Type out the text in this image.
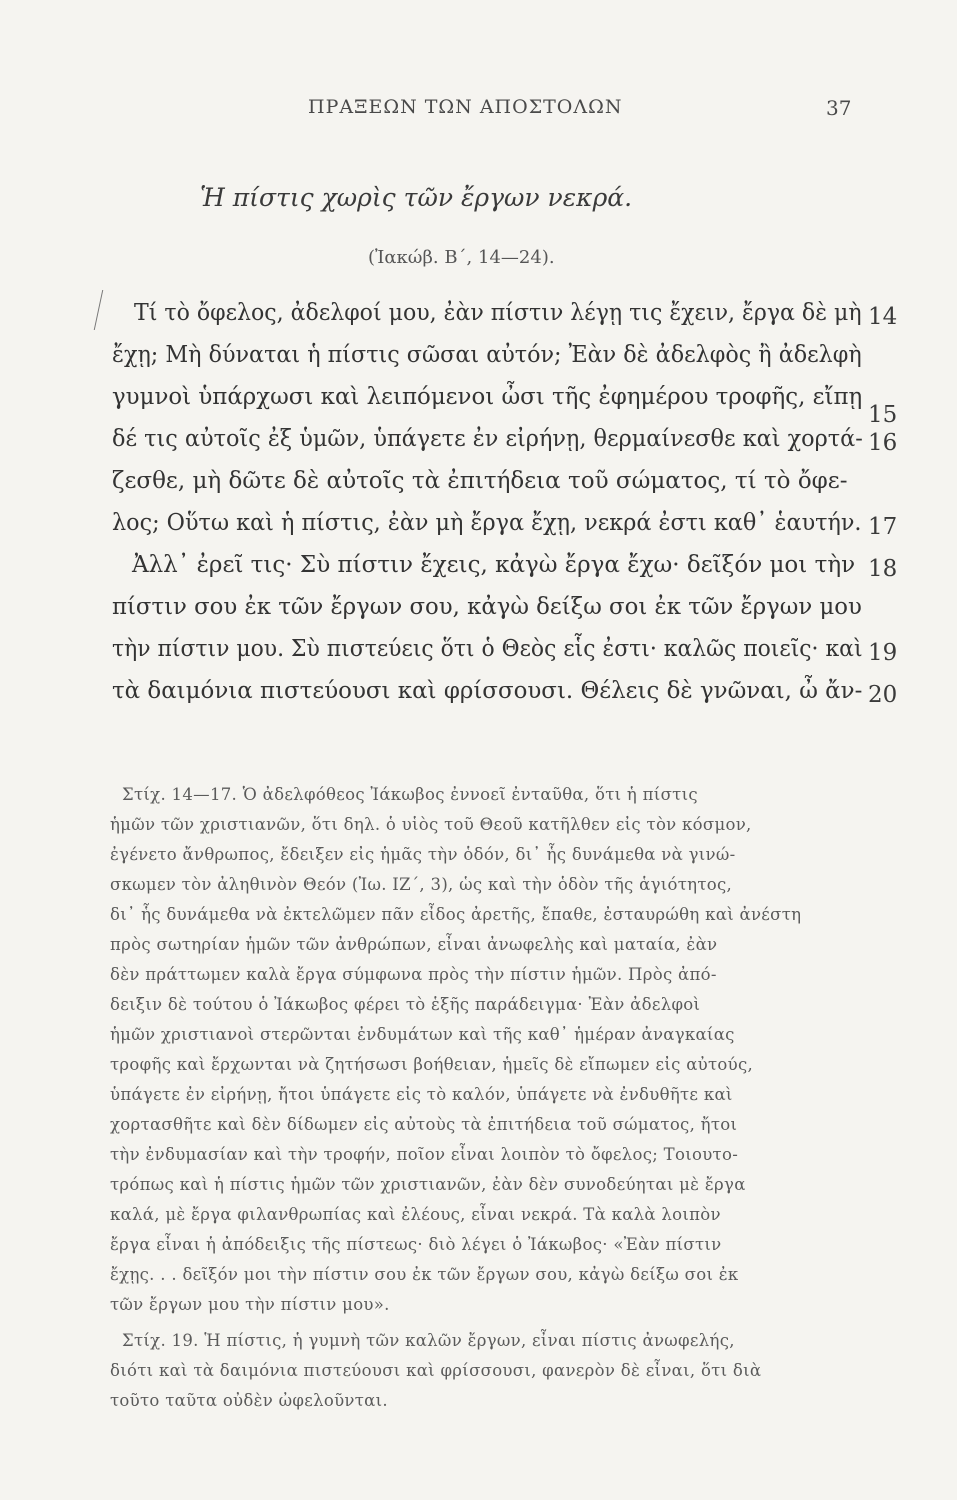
ΠΡΑΞΕΩΝ ΤΩΝ ΑΠΟΣΤΟΛΩΝ	37
Ἡ πίστις χωρὶς τῶν ἔργων νεκρά.
(Ἰακώβ. Β΄, 14—24).
Τί τὸ ὄφελος, ἀδελφοί μου, ἐὰν πίστιν λέγῃ τις ἔχειν, ἔργα δὲ μὴ
ἔχῃ; Μὴ δύναται ἡ πίστις σῶσαι αὐτόν; Ἐὰν δὲ ἀδελφὸς ἢ ἀδελφὴ
γυμνοὶ ὑπάρχωσι καὶ λειπόμενοι ὦσι τῆς ἐφημέρου τροφῆς, εἴπῃ
δέ τις αὐτοῖς ἐξ ὑμῶν, ὑπάγετε ἐν εἰρήνῃ, θερμαίνεσθε καὶ χορτά-
ζεσθε, μὴ δῶτε δὲ αὐτοῖς τὰ ἐπιτήδεια τοῦ σώματος, τί τὸ ὄφε-
λος; Οὕτω καὶ ἡ πίστις, ἐὰν μὴ ἔργα ἔχῃ, νεκρά ἐστι καθ᾿ ἑαυτήν.
Ἀλλ᾿ ἐρεῖ τις· Σὺ πίστιν ἔχεις, κἀγὼ ἔργα ἔχω· δεῖξόν μοι τὴν
πίστιν σου ἐκ τῶν ἔργων σου, κἀγὼ δείξω σοι ἐκ τῶν ἔργων μου
τὴν πίστιν μου. Σὺ πιστεύεις ὅτι ὁ Θεὸς εἷς ἐστι· καλῶς ποιεῖς· καὶ
τὰ δαιμόνια πιστεύουσι καὶ φρίσσουσι. Θέλεις δὲ γνῶναι, ὦ ἄν-
14
15
16
17
18
19
20
Στίχ. 14—17. Ὁ ἀδελφόθεος Ἰάκωβος ἐννοεῖ ἐνταῦθα, ὅτι ἡ πίστις
ἡμῶν τῶν χριστιανῶν, ὅτι δηλ. ὁ υἱὸς τοῦ Θεοῦ κατῆλθεν εἰς τὸν κόσμον,
ἐγένετο ἄνθρωπος, ἔδειξεν εἰς ἡμᾶς τὴν ὁδόν, δι᾿ ἧς δυνάμεθα νὰ γινώ-
σκωμεν τὸν ἀληθινὸν Θεόν (Ἰω. ΙΖ΄, 3), ὡς καὶ τὴν ὁδὸν τῆς ἁγιότητος,
δι᾿ ἧς δυνάμεθα νὰ ἐκτελῶμεν πᾶν εἶδος ἀρετῆς, ἔπαθε, ἐσταυρώθη καὶ ἀνέστη
πρὸς σωτηρίαν ἡμῶν τῶν ἀνθρώπων, εἶναι ἀνωφελὴς καὶ ματαία, ἐὰν
δὲν πράττωμεν καλὰ ἔργα σύμφωνα πρὸς τὴν πίστιν ἡμῶν. Πρὸς ἀπό-
δειξιν δὲ τούτου ὁ Ἰάκωβος φέρει τὸ ἑξῆς παράδειγμα· Ἐὰν ἀδελφοὶ
ἡμῶν χριστιανοὶ στερῶνται ἐνδυμάτων καὶ τῆς καθ᾿ ἡμέραν ἀναγκαίας
τροφῆς καὶ ἔρχωνται νὰ ζητήσωσι βοήθειαν, ἡμεῖς δὲ εἴπωμεν εἰς αὐτούς,
ὑπάγετε ἐν εἰρήνῃ, ἤτοι ὑπάγετε εἰς τὸ καλόν, ὑπάγετε νὰ ἐνδυθῆτε καὶ
χορτασθῆτε καὶ δὲν δίδωμεν εἰς αὐτοὺς τὰ ἐπιτήδεια τοῦ σώματος, ἤτοι
τὴν ἐνδυμασίαν καὶ τὴν τροφήν, ποῖον εἶναι λοιπὸν τὸ ὄφελος; Τοιουτο-
τρόπως καὶ ἡ πίστις ἡμῶν τῶν χριστιανῶν, ἐὰν δὲν συνοδεύηται μὲ ἔργα
καλά, μὲ ἔργα φιλανθρωπίας καὶ ἐλέους, εἶναι νεκρά. Τὰ καλὰ λοιπὸν
ἔργα εἶναι ἡ ἀπόδειξις τῆς πίστεως· διὸ λέγει ὁ Ἰάκωβος· «Ἐὰν πίστιν
ἔχῃς. . . δεῖξόν μοι τὴν πίστιν σου ἐκ τῶν ἔργων σου, κἀγὼ δείξω σοι ἐκ
τῶν ἔργων μου τὴν πίστιν μου».
Στίχ. 19. Ἡ πίστις, ἡ γυμνὴ τῶν καλῶν ἔργων, εἶναι πίστις ἀνωφελής,
διότι καὶ τὰ δαιμόνια πιστεύουσι καὶ φρίσσουσι, φανερὸν δὲ εἶναι, ὅτι διὰ
τοῦτο ταῦτα οὐδὲν ὠφελοῦνται.
